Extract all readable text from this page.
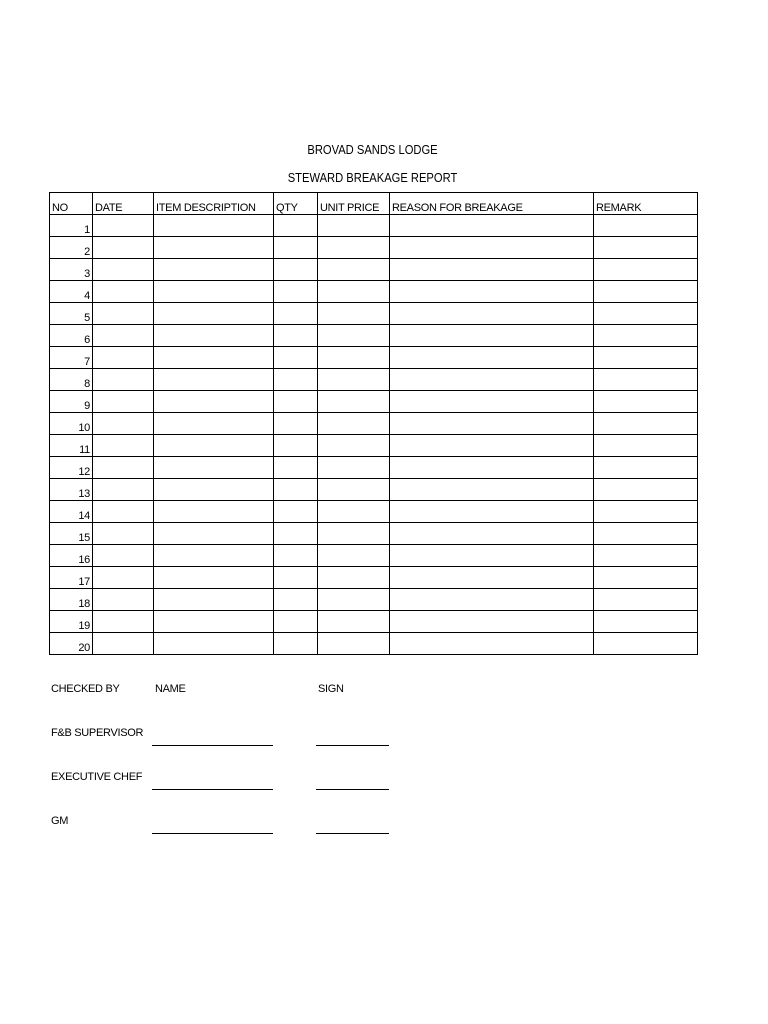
BROVAD SANDS LODGE
STEWARD BREAKAGE REPORT
NO	DATE	ITEM DESCRIPTION	QTY	UNIT PRICE	REASON FOR BREAKAGE	REMARK
1						
2						
3						
4						
5						
6						
7						
8						
9						
10						
11						
12						
13						
14						
15						
16						
17						
18						
19						
20						
CHECKED BY	NAME	SIGN
F&B SUPERVISOR
EXECUTIVE CHEF
GM
